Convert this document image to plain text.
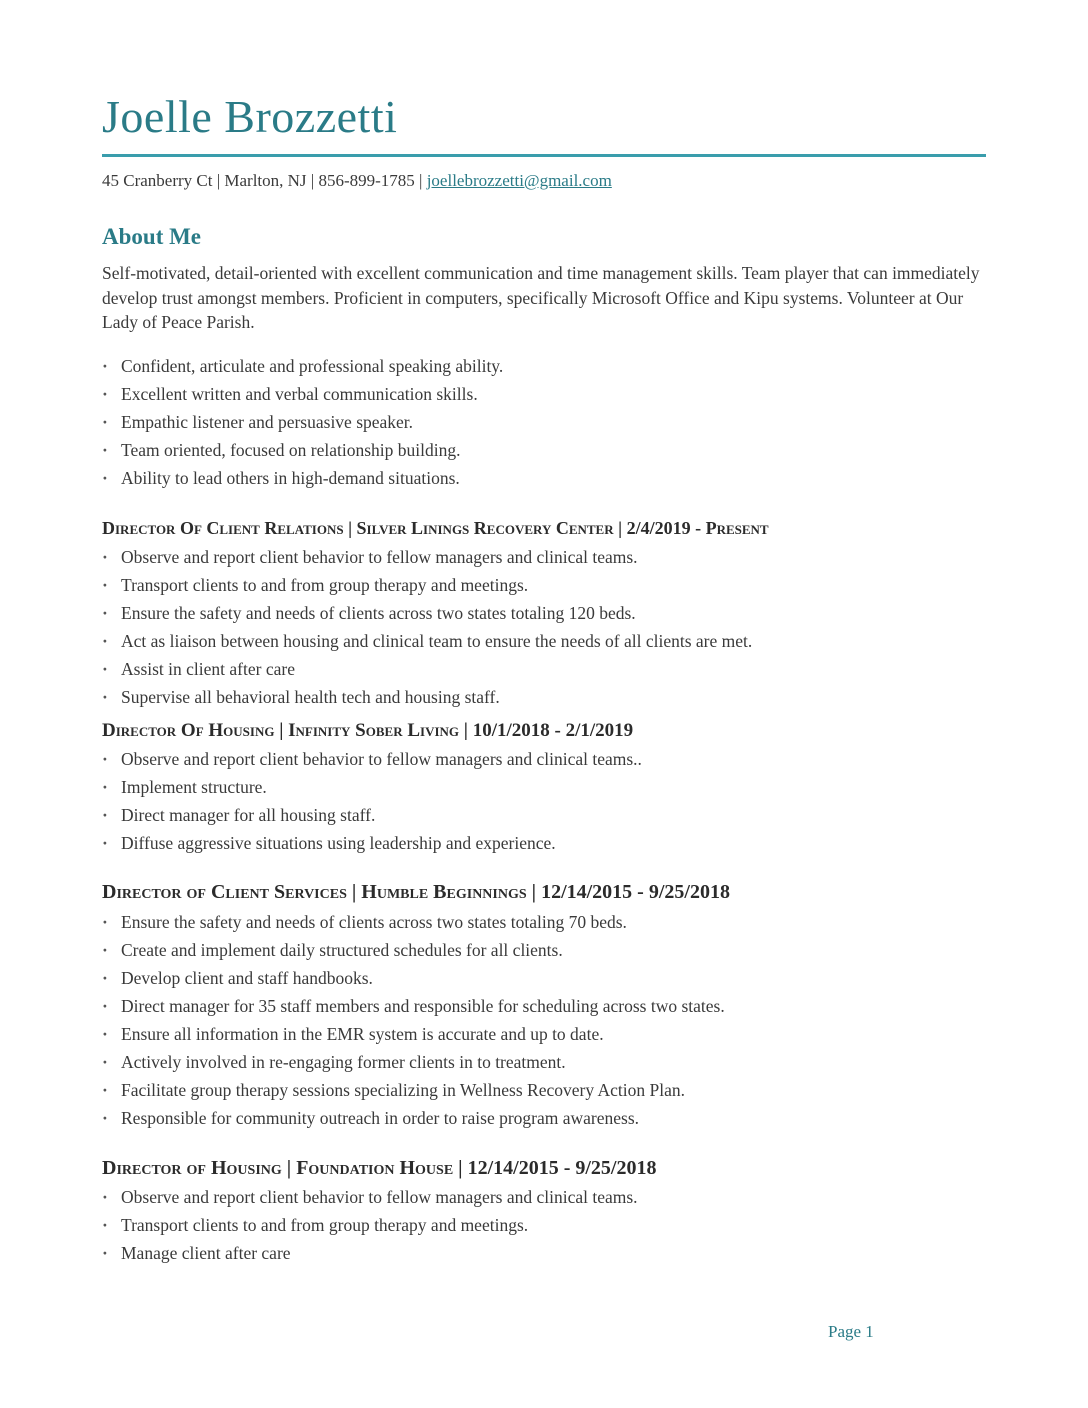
Joelle Brozzetti
45 Cranberry Ct | Marlton, NJ | 856-899-1785 | joellebrozzetti@gmail.com
About Me
Self-motivated, detail-oriented with excellent communication and time management skills. Team player that can immediately develop trust amongst members. Proficient in computers, specifically Microsoft Office and Kipu systems. Volunteer at Our Lady of Peace Parish.
· Confident, articulate and professional speaking ability.
· Excellent written and verbal communication skills.
· Empathic listener and persuasive speaker.
· Team oriented, focused on relationship building.
· Ability to lead others in high-demand situations.
Director Of Client Relations | Silver Linings Recovery Center | 2/4/2019 - Present
· Observe and report client behavior to fellow managers and clinical teams.
· Transport clients to and from group therapy and meetings.
· Ensure the safety and needs of clients across two states totaling 120 beds.
· Act as liaison between housing and clinical team to ensure the needs of all clients are met.
· Assist in client after care
· Supervise all behavioral health tech and housing staff.
Director Of Housing | Infinity Sober Living | 10/1/2018 - 2/1/2019
· Observe and report client behavior to fellow managers and clinical teams..
· Implement structure.
· Direct manager for all housing staff.
· Diffuse aggressive situations using leadership and experience.
Director of Client Services | Humble Beginnings | 12/14/2015 - 9/25/2018
· Ensure the safety and needs of clients across two states totaling 70 beds.
· Create and implement daily structured schedules for all clients.
· Develop client and staff handbooks.
· Direct manager for 35 staff members and responsible for scheduling across two states.
· Ensure all information in the EMR system is accurate and up to date.
· Actively involved in re-engaging former clients in to treatment.
· Facilitate group therapy sessions specializing in Wellness Recovery Action Plan.
· Responsible for community outreach in order to raise program awareness.
Director of Housing | Foundation House | 12/14/2015 - 9/25/2018
· Observe and report client behavior to fellow managers and clinical teams.
· Transport clients to and from group therapy and meetings.
· Manage client after care
Page 1
